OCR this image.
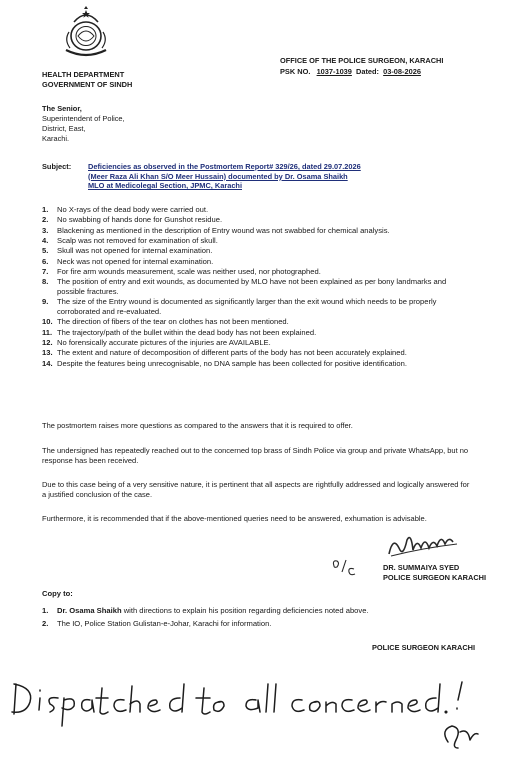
HEALTH DEPARTMENT
GOVERNMENT OF SINDH
OFFICE OF THE POLICE SURGEON, KARACHI
PSK NO. 1037-1039 Dated: 03-08-2026
The Senior,
Superintendent of Police,
District, East,
Karachi.
Subject:	Deficiencies as observed in the Postmortem Report# 329/26, dated 29.07.2026
(Meer Raza Ali Khan S/O Meer Hussain) documented by Dr. Osama Shaikh
MLO at Medicolegal Section, JPMC, Karachi
1.	No X-rays of the dead body were carried out.
2.	No swabbing of hands done for Gunshot residue.
3.	Blackening as mentioned in the description of Entry wound was not swabbed for chemical analysis.
4.	Scalp was not removed for examination of skull.
5.	Skull was not opened for internal examination.
6.	Neck was not opened for internal examination.
7.	For fire arm wounds measurement, scale was neither used, nor photographed.
8.	The position of entry and exit wounds, as documented by MLO have not been explained as per bony landmarks and possible fractures.
9.	The size of the Entry wound is documented as significantly larger than the exit wound which needs to be properly corroborated and re-evaluated.
10. The direction of fibers of the tear on clothes has not been mentioned.
11. The trajectory/path of the bullet within the dead body has not been explained.
12. No forensically accurate pictures of the injuries are AVAILABLE.
13. The extent and nature of decomposition of different parts of the body has not been accurately explained.
14. Despite the features being unrecognisable, no DNA sample has been collected for positive identification.

The postmortem raises more questions as compared to the answers that it is required to offer.

The undersigned has repeatedly reached out to the concerned top brass of Sindh Police via group and private WhatsApp, but no response has been received.

Due to this case being of a very sensitive nature, it is pertinent that all aspects are rightfully addressed and logically answered for a justified conclusion of the case.

Furthermore, it is recommended that if the above-mentioned queries need to be answered, exhumation is advisable.

DR. SUMMAIYA SYED
POLICE SURGEON KARACHI
Copy to:
1.	Dr. Osama Shaikh with directions to explain his position regarding deficiencies noted above.
2.	The IO, Police Station Gulistan-e-Johar, Karachi for information.
POLICE SURGEON KARACHI
